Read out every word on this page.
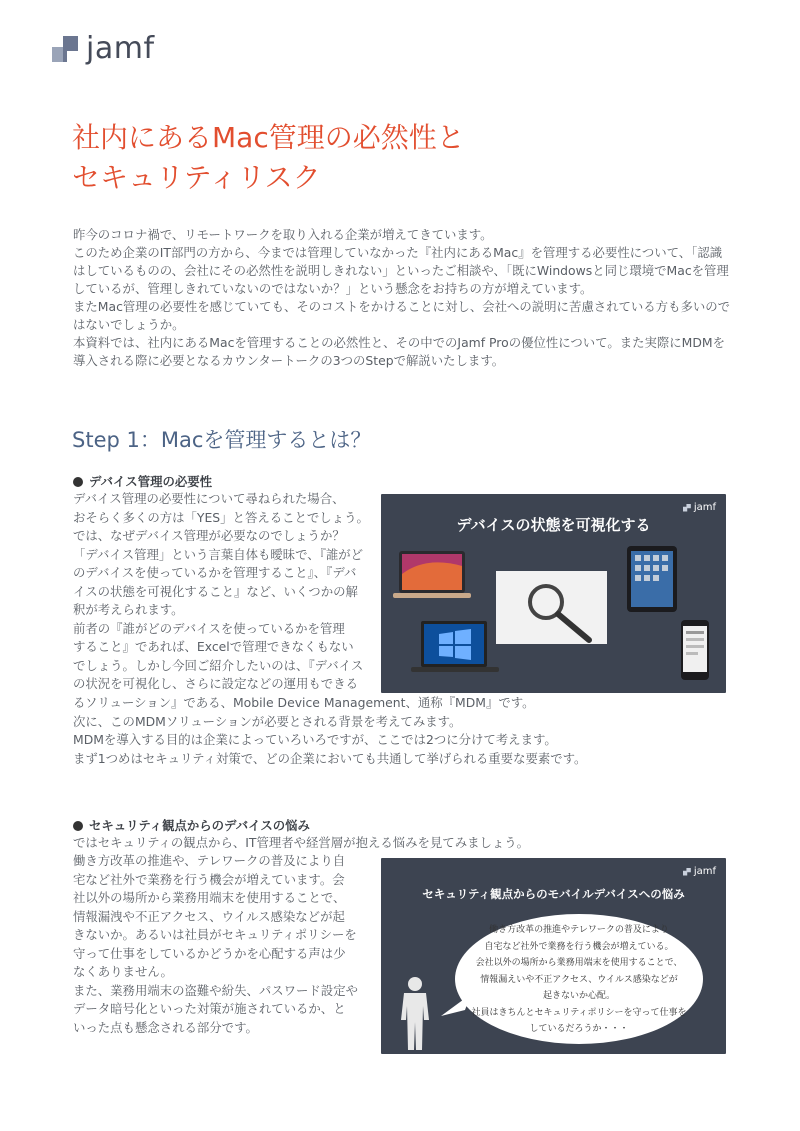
jamf
社内にあるMac管理の必然性と
セキュリティリスク

昨今のコロナ禍で、リモートワークを取り入れる企業が増えてきています。

このため企業のIT部門の方から、今までは管理していなかった『社内にあるMac』を管理する必要性について、「認識はしているものの、会社にその必然性を説明しきれない」といったご相談や、「既にWindowsと同じ環境でMacを管理しているが、管理しきれていないのではないか？」という懸念をお持ちの方が増えています。

またMac管理の必要性を感じていても、そのコストをかけることに対し、会社への説明に苦慮されている方も多いのではないでしょうか。

本資料では、社内にあるMacを管理することの必然性と、その中でのJamf Proの優位性について。また実際にMDMを導入される際に必要となるカウンタートークの3つのStepで解説いたします。

Step 1：Macを管理するとは？
デバイス管理の必要性

デバイス管理の必要性について尋ねられた場合、

おそらく多くの方は「YES」と答えることでしょう。

では、なぜデバイス管理が必要なのでしょうか？

「デバイス管理」という言葉自体も曖昧で、『誰がど

のデバイスを使っているかを管理すること』、『デバ

イスの状態を可視化すること』など、いくつかの解

釈が考えられます。

前者の『誰がどのデバイスを使っているかを管理

すること』であれば、Excelで管理できなくもない

でしょう。しかし今回ご紹介したいのは、『デバイス

の状況を可視化し、さらに設定などの運用もできる

るソリューション』である、Mobile Device Management、通称『MDM』です。

次に、このMDMソリューションが必要とされる背景を考えてみます。

MDMを導入する目的は企業によっていろいろですが、ここでは2つに分けて考えます。

まず1つめはセキュリティ対策で、どの企業においても共通して挙げられる重要な要素です。

jamf
デバイスの状態を可視化する
セキュリティ観点からのデバイスの悩み

ではセキュリティの観点から、IT管理者や経営層が抱える悩みを見てみましょう。

働き方改革の推進や、テレワークの普及により自

宅など社外で業務を行う機会が増えています。会

社以外の場所から業務用端末を使用することで、

情報漏洩や不正アクセス、ウイルス感染などが起

きないか。あるいは社員がセキュリティポリシーを

守って仕事をしているかどうかを心配する声は少

なくありません。

また、業務用端末の盗難や紛失、パスワード設定や

データ暗号化といった対策が施されているか、と

いった点も懸念される部分です。

jamf
セキュリティ観点からのモバイルデバイスへの悩み

働き方改革の推進やテレワークの普及により

自宅など社外で業務を行う機会が増えている。

会社以外の場所から業務用端末を使用することで、

情報漏えいや不正アクセス、ウイルス感染などが

起きないか心配。

社員はきちんとセキュリティポリシーを守って仕事を

しているだろうか・・・
